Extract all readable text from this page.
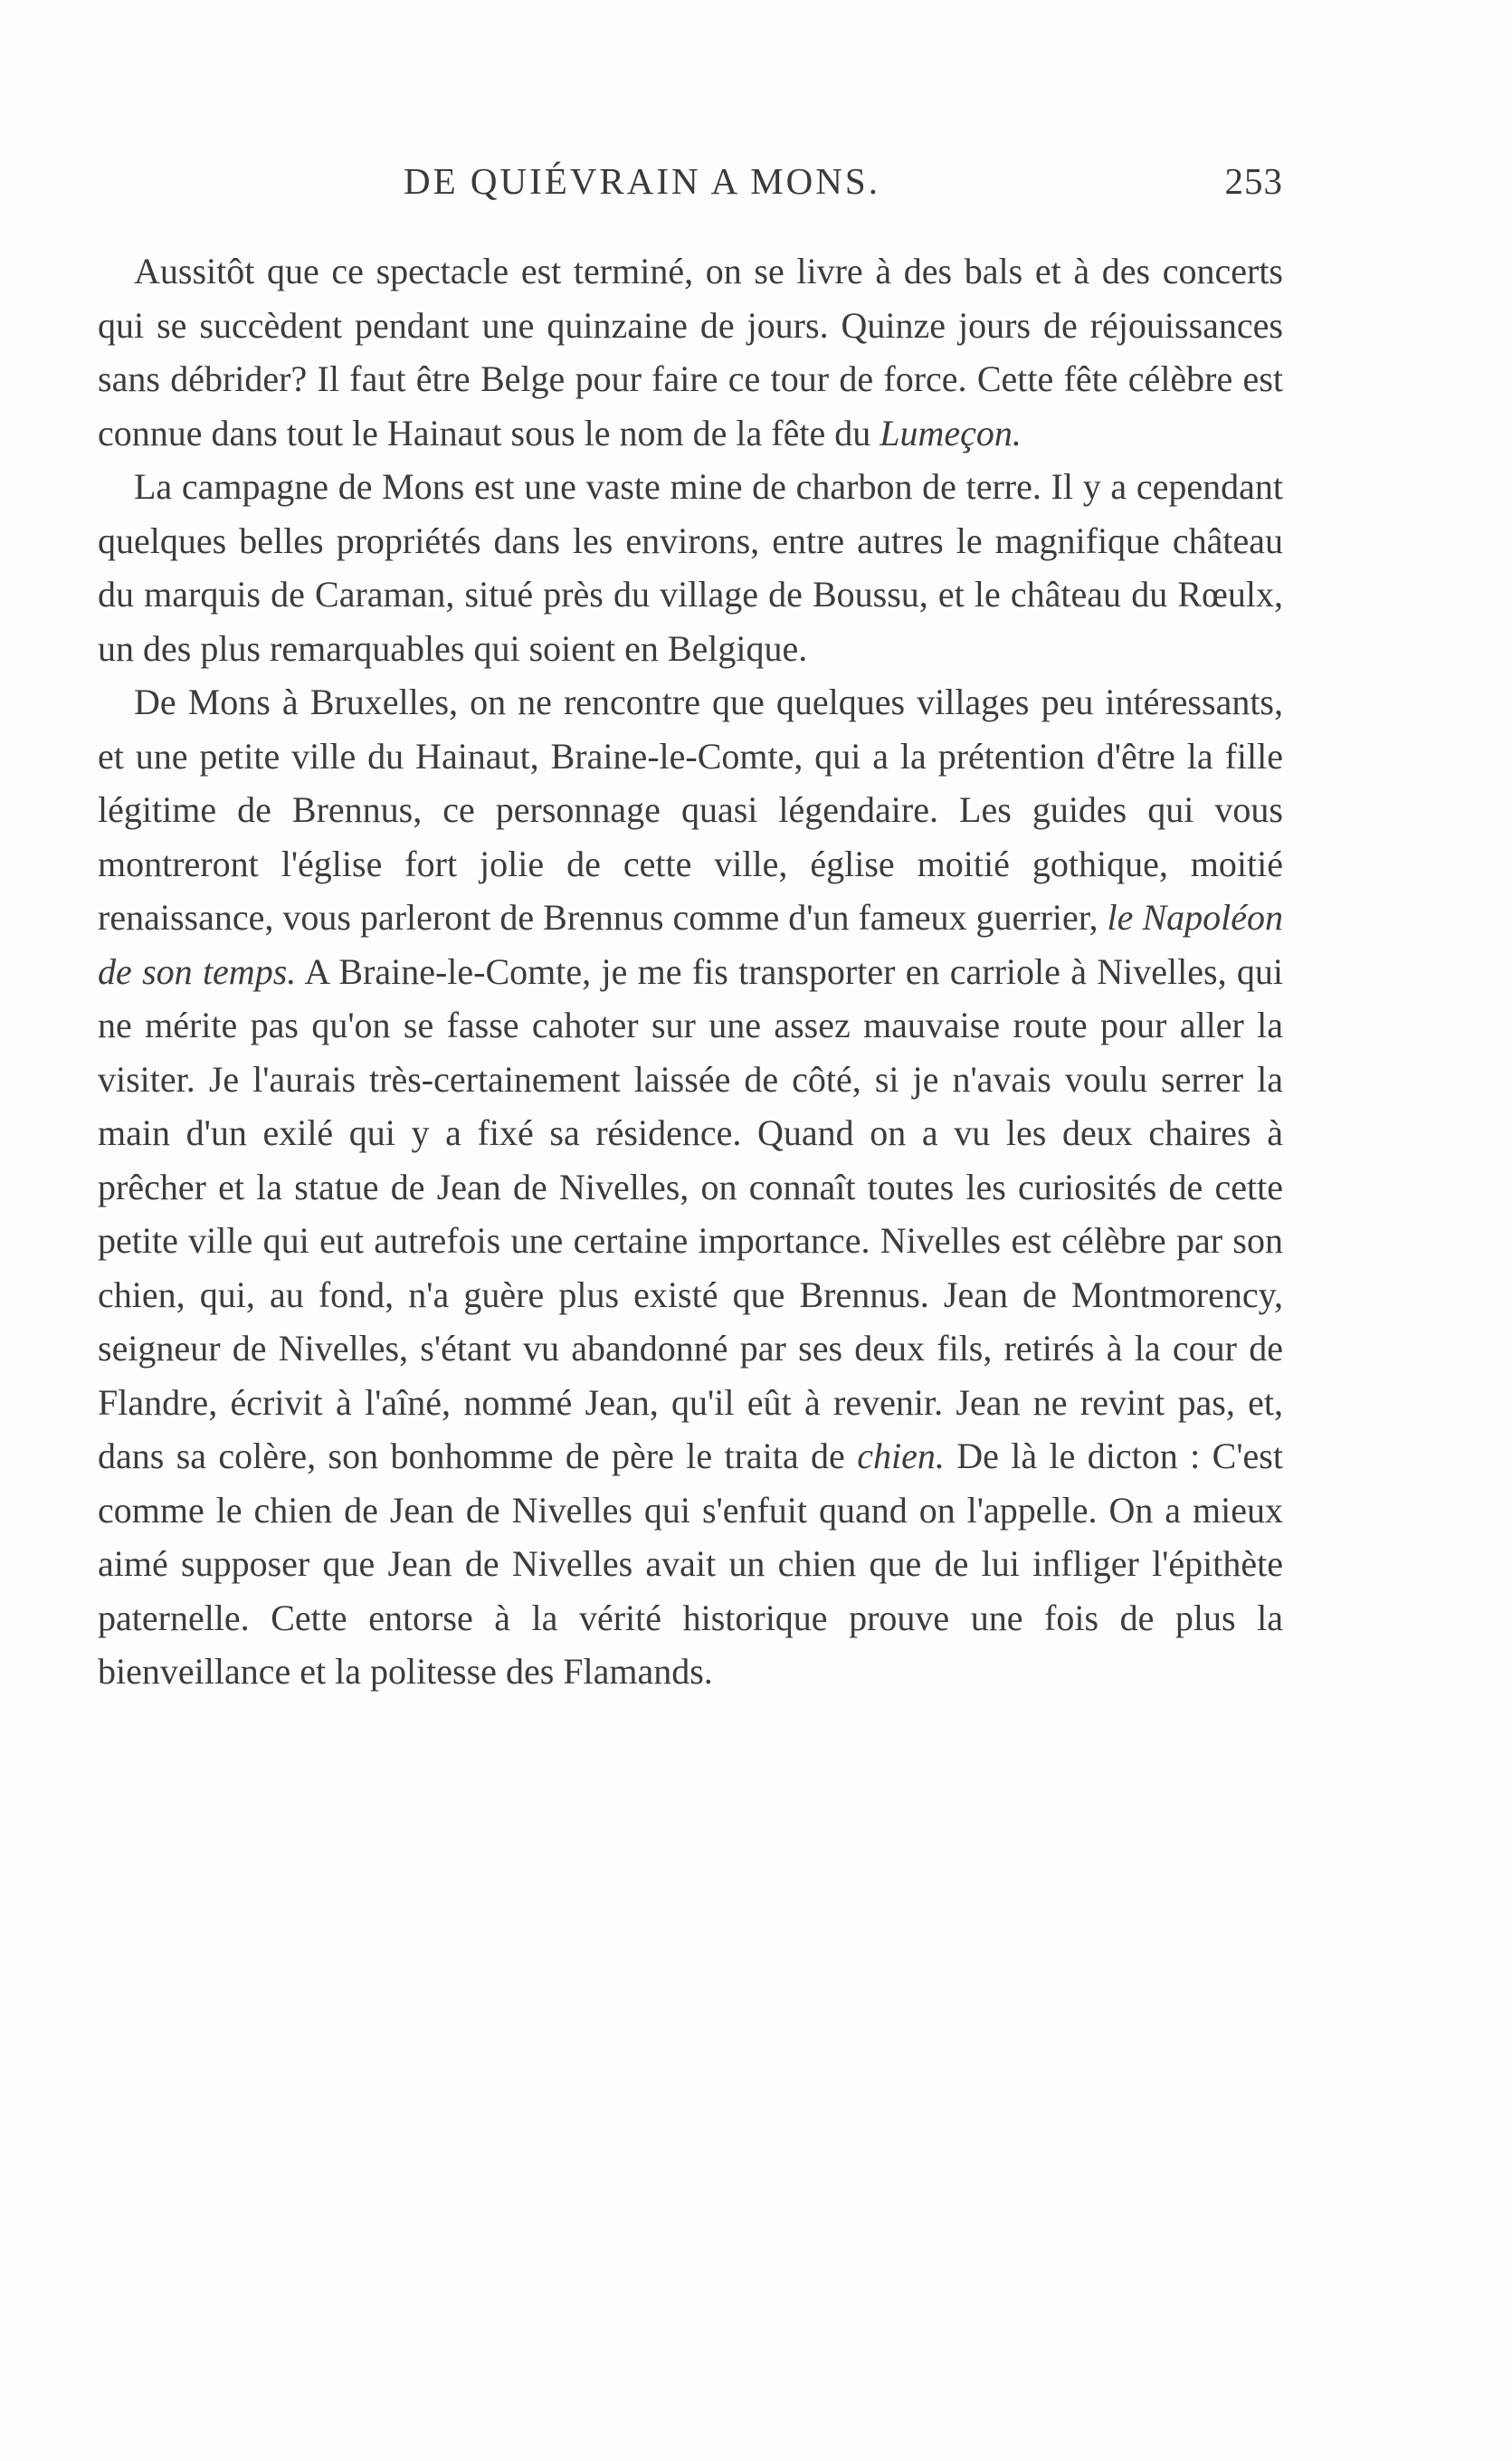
DE QUIÉVRAIN A MONS.	253

Aussitôt que ce spectacle est terminé, on se livre à des bals et à des concerts qui se succèdent pendant une quinzaine de jours. Quinze jours de réjouissances sans débrider? Il faut être Belge pour faire ce tour de force. Cette fête célèbre est connue dans tout le Hainaut sous le nom de la fête du Lumeçon.

La campagne de Mons est une vaste mine de charbon de terre. Il y a cependant quelques belles propriétés dans les environs, entre autres le magnifique château du marquis de Caraman, situé près du village de Boussu, et le château du Rœulx, un des plus remarquables qui soient en Belgique.

De Mons à Bruxelles, on ne rencontre que quelques villages peu intéressants, et une petite ville du Hainaut, Braine-le-Comte, qui a la prétention d'être la fille légitime de Brennus, ce personnage quasi légendaire. Les guides qui vous montreront l'église fort jolie de cette ville, église moitié gothique, moitié renaissance, vous parleront de Brennus comme d'un fameux guerrier, le Napoléon de son temps. A Braine-le-Comte, je me fis transporter en carriole à Nivelles, qui ne mérite pas qu'on se fasse cahoter sur une assez mauvaise route pour aller la visiter. Je l'aurais très-certainement laissée de côté, si je n'avais voulu serrer la main d'un exilé qui y a fixé sa résidence. Quand on a vu les deux chaires à prêcher et la statue de Jean de Nivelles, on connaît toutes les curiosités de cette petite ville qui eut autrefois une certaine importance. Nivelles est célèbre par son chien, qui, au fond, n'a guère plus existé que Brennus. Jean de Montmorency, seigneur de Nivelles, s'étant vu abandonné par ses deux fils, retirés à la cour de Flandre, écrivit à l'aîné, nommé Jean, qu'il eût à revenir. Jean ne revint pas, et, dans sa colère, son bonhomme de père le traita de chien. De là le dicton : C'est comme le chien de Jean de Nivelles qui s'enfuit quand on l'appelle. On a mieux aimé supposer que Jean de Nivelles avait un chien que de lui infliger l'épithète paternelle. Cette entorse à la vérité historique prouve une fois de plus la bienveillance et la politesse des Flamands.
